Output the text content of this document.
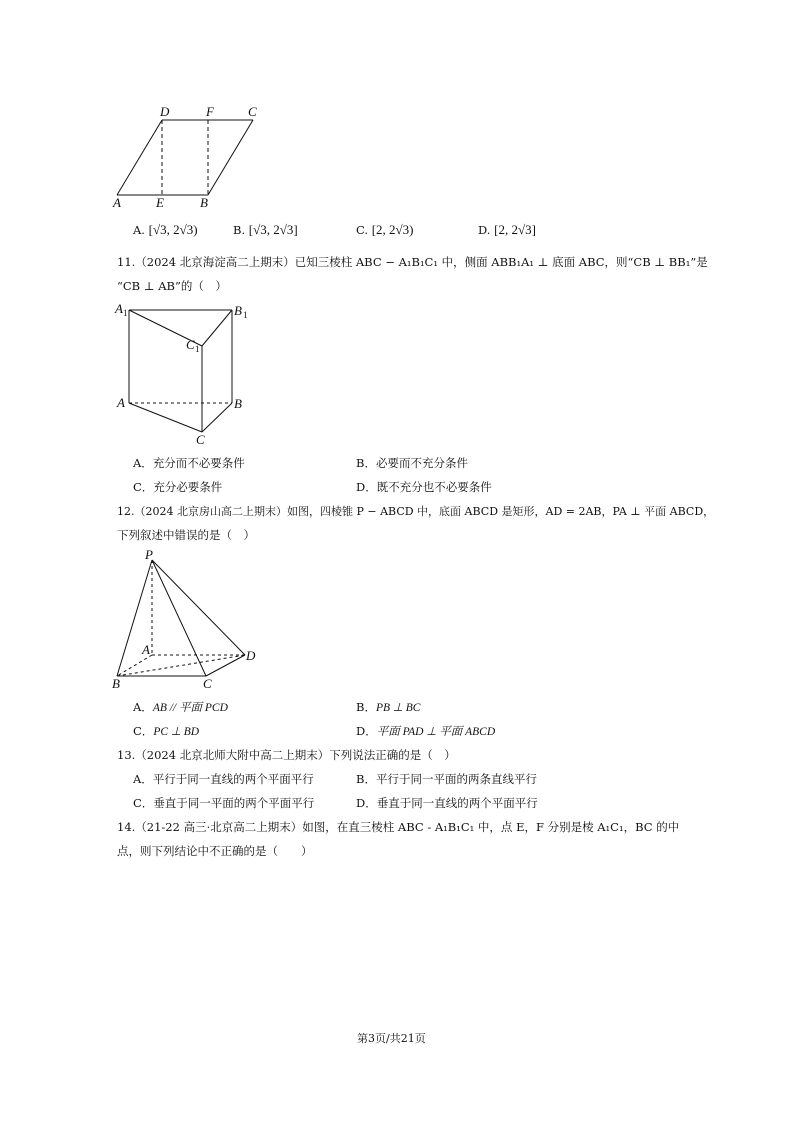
D	F	C
A	E	B
A. [√3, 2√3)	B. [√3, 2√3]	C. [2, 2√3)	D. [2, 2√3]
11.（2024 北京海淀高二上期末）已知三棱柱 ABC − A₁B₁C₁ 中，侧面 ABB₁A₁ ⊥ 底面 ABC，则“CB ⊥ BB₁”是
“CB ⊥ AB”的（　）
A 1	B 1
C 1
A	B
C
A．充分而不必要条件	B．必要而不充分条件
C．充分必要条件	D．既不充分也不必要条件
12.（2024 北京房山高二上期末）如图，四棱锥 P − ABCD 中，底面 ABCD 是矩形，AD = 2AB，PA ⊥ 平面 ABCD，
下列叙述中错误的是（　）
P
A	D
B	C
A．AB // 平面 PCD	B．PB ⊥ BC
C．PC ⊥ BD	D．平面 PAD ⊥ 平面 ABCD
13.（2024 北京北师大附中高二上期末）下列说法正确的是（　）
A．平行于同一直线的两个平面平行	B．平行于同一平面的两条直线平行
C．垂直于同一平面的两个平面平行	D．垂直于同一直线的两个平面平行
14.（21-22 高三·北京高二上期末）如图，在直三棱柱 ABC - A₁B₁C₁ 中，点 E，F 分别是棱 A₁C₁，BC 的中
点，则下列结论中不正确的是（　　）
第3页/共21页
